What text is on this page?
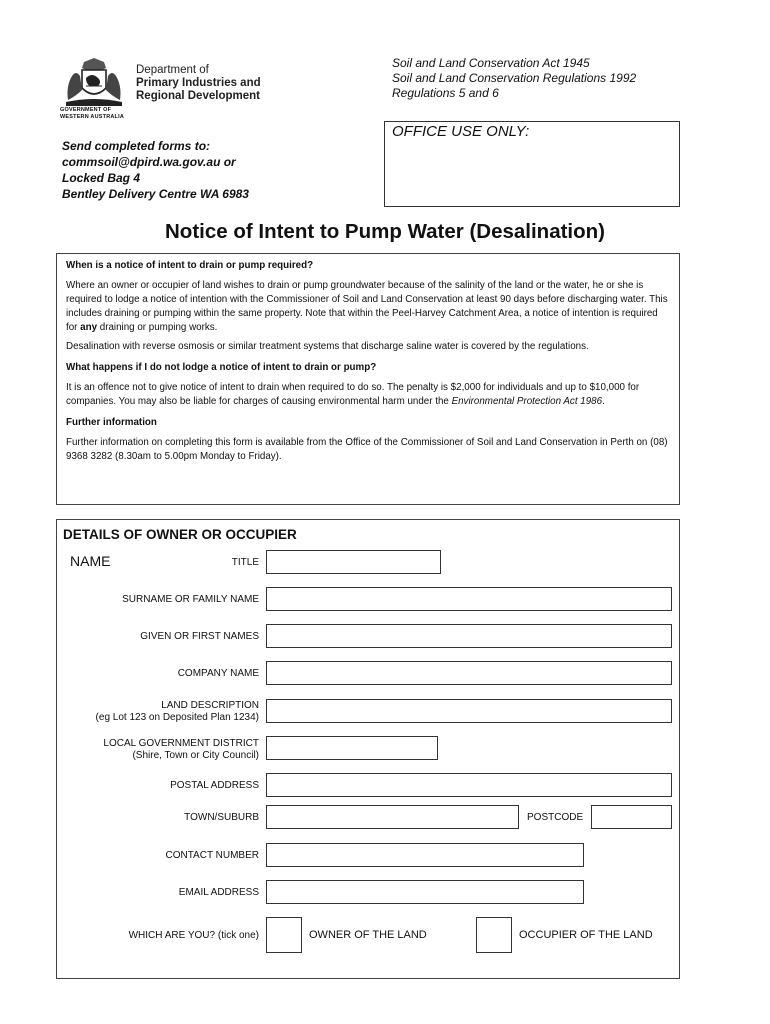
Department of
Primary Industries and
Regional Development
GOVERNMENT OF
WESTERN AUSTRALIA
Send completed forms to:
commsoil@dpird.wa.gov.au or
Locked Bag 4
Bentley Delivery Centre WA 6983
Soil and Land Conservation Act 1945
Soil and Land Conservation Regulations 1992
Regulations 5 and 6
OFFICE USE ONLY:
Notice of Intent to Pump Water (Desalination)
When is a notice of intent to drain or pump required?

Where an owner or occupier of land wishes to drain or pump groundwater because of the salinity of the land or the water, he or she is required to lodge a notice of intention with the Commissioner of Soil and Land Conservation at least 90 days before discharging water. This includes draining or pumping within the same property. Note that within the Peel-Harvey Catchment Area, a notice of intention is required for any draining or pumping works.

Desalination with reverse osmosis or similar treatment systems that discharge saline water is covered by the regulations.

What happens if I do not lodge a notice of intent to drain or pump?

It is an offence not to give notice of intent to drain when required to do so. The penalty is $2,000 for individuals and up to $10,000 for companies. You may also be liable for charges of causing environmental harm under the Environmental Protection Act 1986.

Further information

Further information on completing this form is available from the Office of the Commissioner of Soil and Land Conservation in Perth on (08) 9368 3282 (8.30am to 5.00pm Monday to Friday).

DETAILS OF OWNER OR OCCUPIER
NAME	TITLE
SURNAME OR FAMILY NAME
GIVEN OR FIRST NAMES
COMPANY NAME
LAND DESCRIPTION
(eg Lot 123 on Deposited Plan 1234)
LOCAL GOVERNMENT DISTRICT
(Shire, Town or City Council)
POSTAL ADDRESS
TOWN/SUBURB	POSTCODE
CONTACT NUMBER
EMAIL ADDRESS
WHICH ARE YOU? (tick one)	OWNER OF THE LAND	OCCUPIER OF THE LAND
